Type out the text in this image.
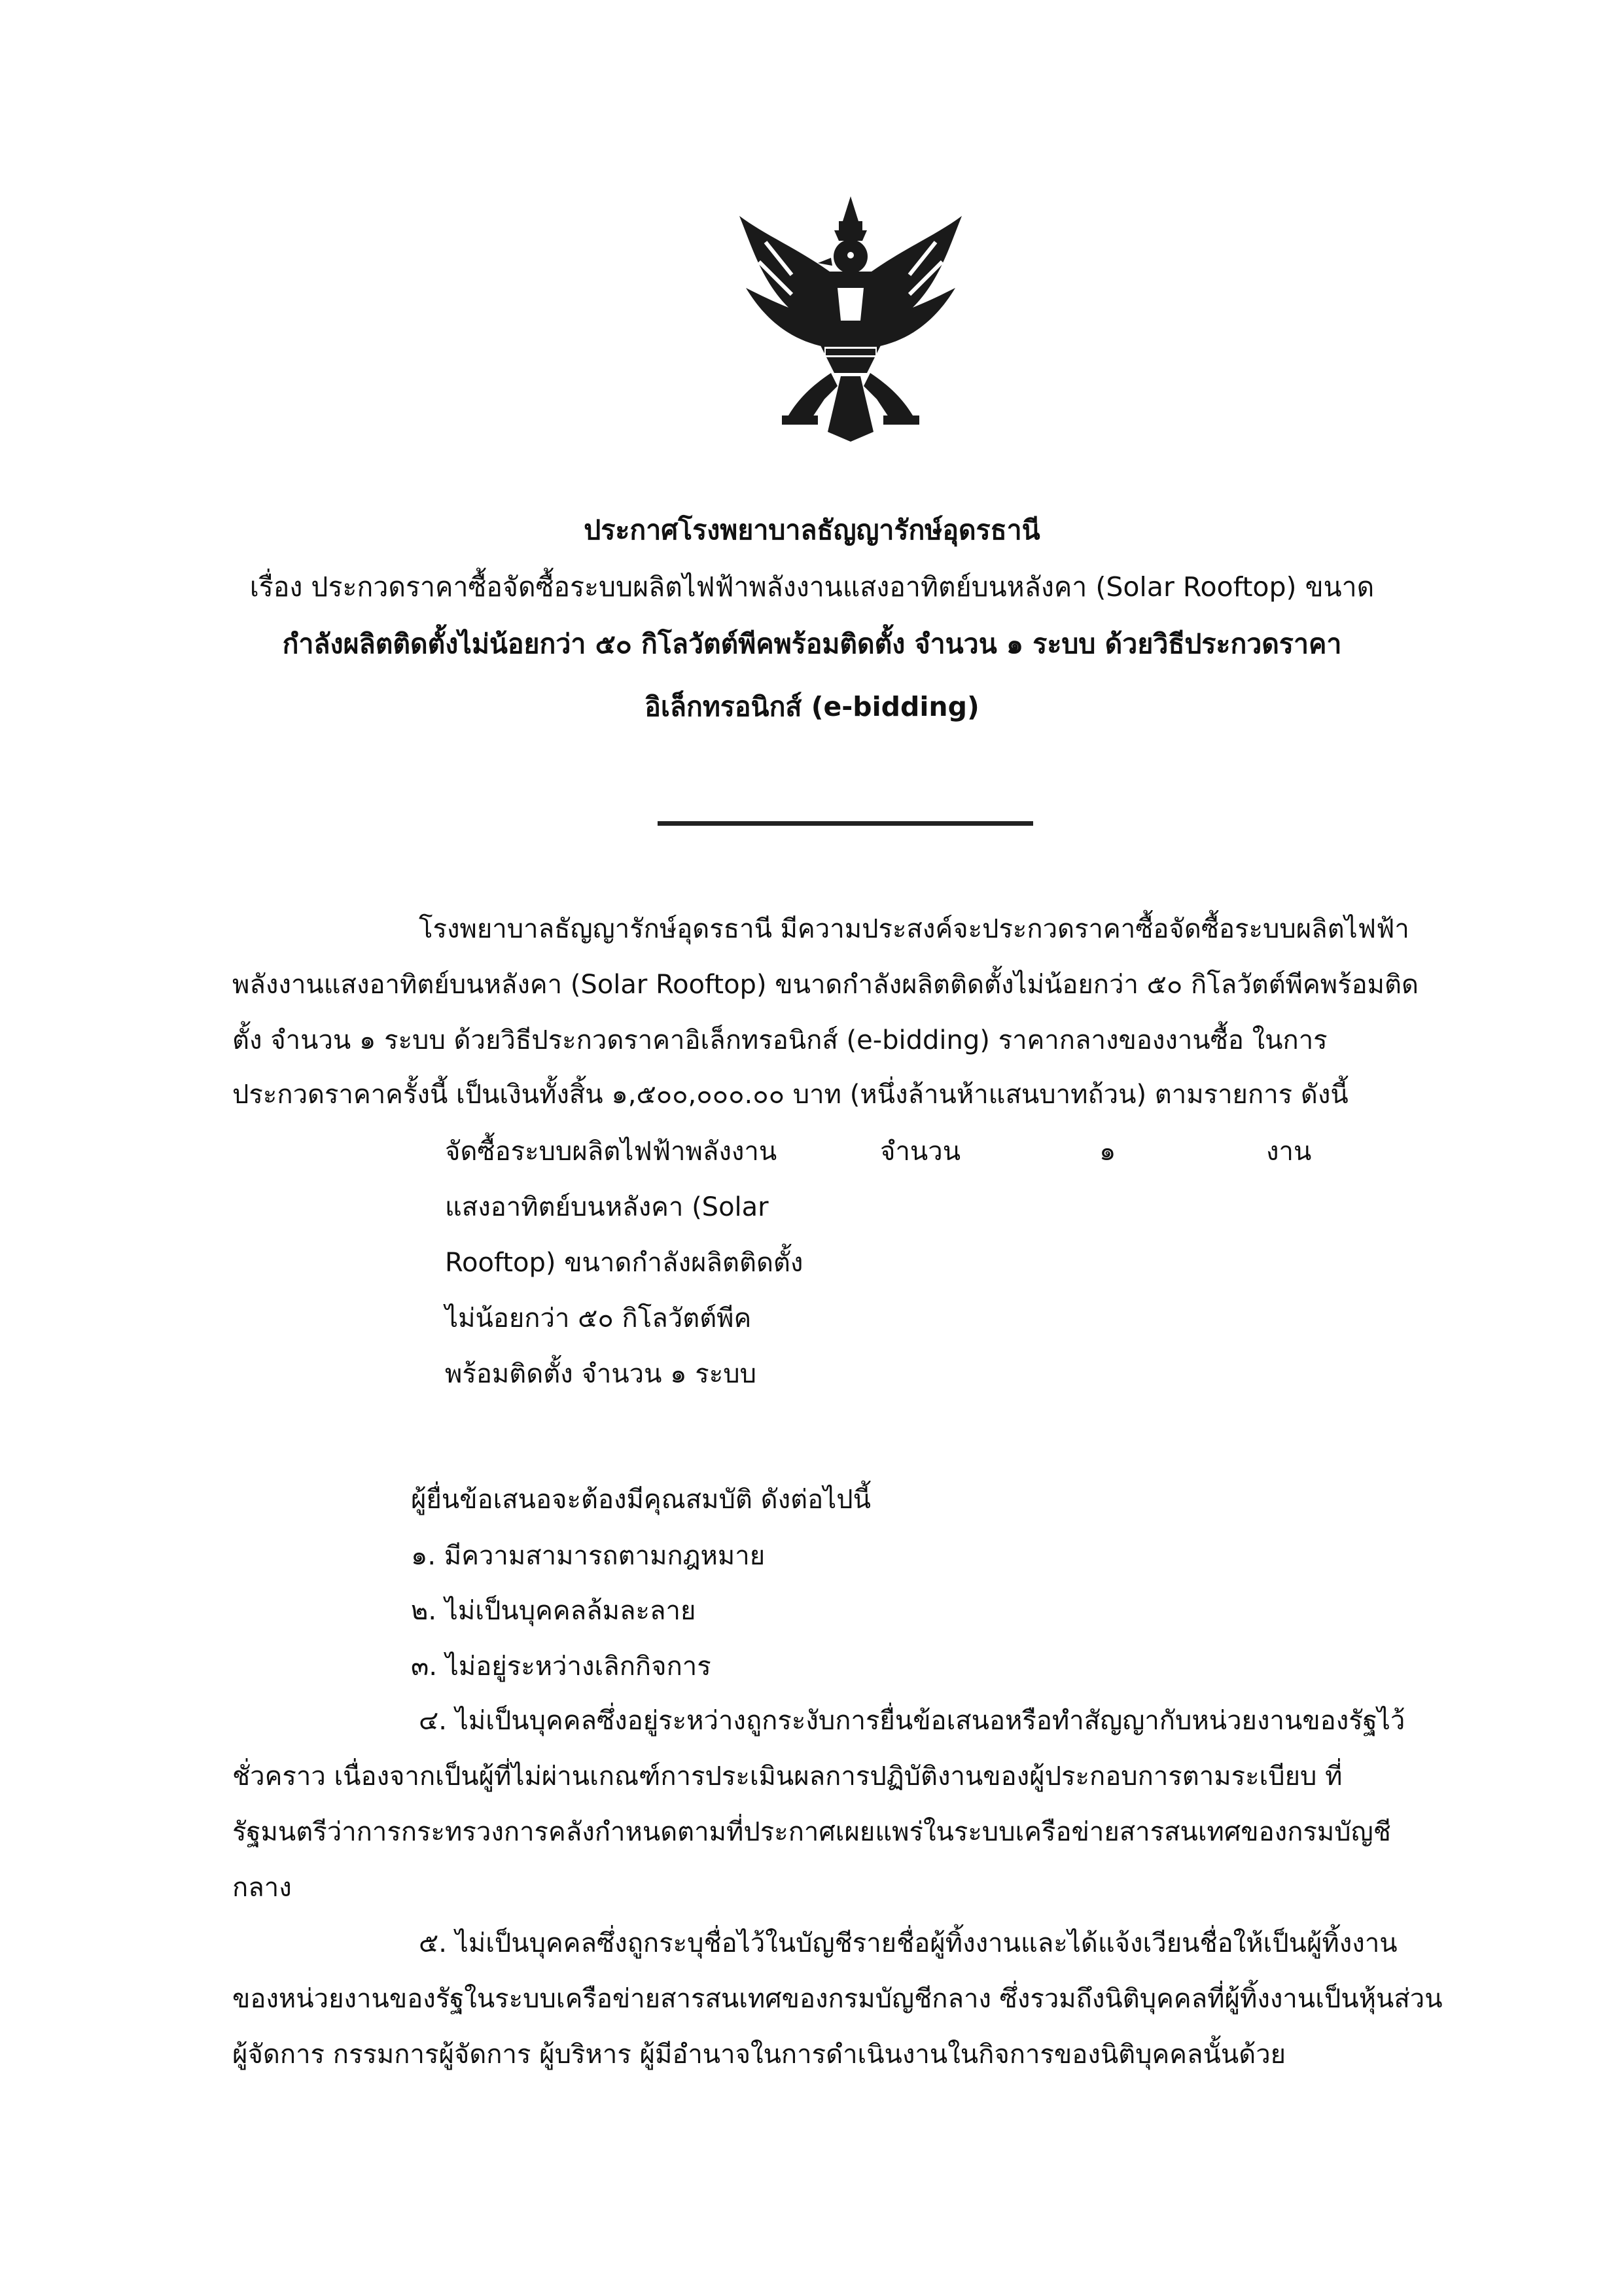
ประกาศโรงพยาบาลธัญญารักษ์อุดรธานี
เรื่อง ประกวดราคาซื้อจัดซื้อระบบผลิตไฟฟ้าพลังงานแสงอาทิตย์บนหลังคา (Solar Rooftop) ขนาด
กำลังผลิตติดตั้งไม่น้อยกว่า ๕๐ กิโลวัตต์พีคพร้อมติดตั้ง จำนวน ๑ ระบบ ด้วยวิธีประกวดราคา
อิเล็กทรอนิกส์ (e-bidding)
โรงพยาบาลธัญญารักษ์อุดรธานี มีความประสงค์จะประกวดราคาซื้อจัดซื้อระบบผลิตไฟฟ้า
พลังงานแสงอาทิตย์บนหลังคา (Solar Rooftop) ขนาดกำลังผลิตติดตั้งไม่น้อยกว่า ๕๐ กิโลวัตต์พีคพร้อมติด
ตั้ง จำนวน ๑ ระบบ ด้วยวิธีประกวดราคาอิเล็กทรอนิกส์ (e-bidding) ราคากลางของงานซื้อ ในการ
ประกวดราคาครั้งนี้ เป็นเงินทั้งสิ้น ๑,๕๐๐,๐๐๐.๐๐ บาท (หนึ่งล้านห้าแสนบาทถ้วน) ตามรายการ ดังนี้
จัดซื้อระบบผลิตไฟฟ้าพลังงาน
แสงอาทิตย์บนหลังคา (Solar
Rooftop) ขนาดกำลังผลิตติดตั้ง
ไม่น้อยกว่า ๕๐ กิโลวัตต์พีค
พร้อมติดตั้ง จำนวน ๑ ระบบ
จำนวน	๑	งาน
ผู้ยื่นข้อเสนอจะต้องมีคุณสมบัติ ดังต่อไปนี้
๑. มีความสามารถตามกฎหมาย
๒. ไม่เป็นบุคคลล้มละลาย
๓. ไม่อยู่ระหว่างเลิกกิจการ
๔. ไม่เป็นบุคคลซึ่งอยู่ระหว่างถูกระงับการยื่นข้อเสนอหรือทำสัญญากับหน่วยงานของรัฐไว้
ชั่วคราว เนื่องจากเป็นผู้ที่ไม่ผ่านเกณฑ์การประเมินผลการปฏิบัติงานของผู้ประกอบการตามระเบียบ ที่
รัฐมนตรีว่าการกระทรวงการคลังกำหนดตามที่ประกาศเผยแพร่ในระบบเครือข่ายสารสนเทศของกรมบัญชี
กลาง
๕. ไม่เป็นบุคคลซึ่งถูกระบุชื่อไว้ในบัญชีรายชื่อผู้ทิ้งงานและได้แจ้งเวียนชื่อให้เป็นผู้ทิ้งงาน
ของหน่วยงานของรัฐในระบบเครือข่ายสารสนเทศของกรมบัญชีกลาง ซึ่งรวมถึงนิติบุคคลที่ผู้ทิ้งงานเป็นหุ้นส่วน
ผู้จัดการ กรรมการผู้จัดการ ผู้บริหาร ผู้มีอำนาจในการดำเนินงานในกิจการของนิติบุคคลนั้นด้วย
